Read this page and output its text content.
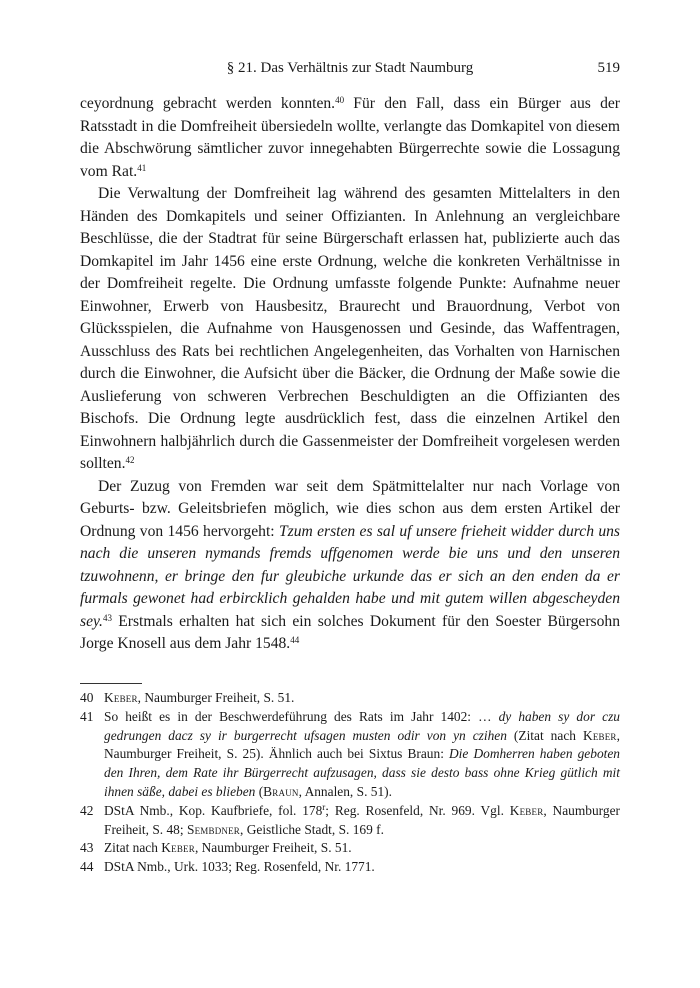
§ 21. Das Verhältnis zur Stadt Naumburg	519

ceyordnung gebracht werden konnten.$^{40}$ Für den Fall, dass ein Bürger aus der Ratsstadt in die Domfreiheit übersiedeln wollte, verlangte das Domkapitel von diesem die Abschwörung sämtlicher zuvor innegehabten Bürgerrechte sowie die Lossagung vom Rat.$^{41}$

Die Verwaltung der Domfreiheit lag während des gesamten Mittelalters in den Händen des Domkapitels und seiner Offizianten. In Anlehnung an vergleichbare Beschlüsse, die der Stadtrat für seine Bürgerschaft erlassen hat, publizierte auch das Domkapitel im Jahr 1456 eine erste Ordnung, welche die konkreten Verhältnisse in der Domfreiheit regelte. Die Ordnung umfasste folgende Punkte: Aufnahme neuer Einwohner, Erwerb von Hausbesitz, Braurecht und Brauordnung, Verbot von Glücksspielen, die Aufnahme von Hausgenossen und Gesinde, das Waffentragen, Ausschluss des Rats bei rechtlichen Angelegenheiten, das Vorhalten von Harnischen durch die Einwohner, die Aufsicht über die Bäcker, die Ordnung der Maße sowie die Auslieferung von schweren Verbrechen Beschuldigten an die Offizianten des Bischofs. Die Ordnung legte ausdrücklich fest, dass die einzelnen Artikel den Einwohnern halbjährlich durch die Gassenmeister der Domfreiheit vorgelesen werden sollten.$^{42}$

Der Zuzug von Fremden war seit dem Spätmittelalter nur nach Vorlage von Geburts- bzw. Geleitsbriefen möglich, wie dies schon aus dem ersten Artikel der Ordnung von 1456 hervorgeht: Tzum ersten es sal uf unsere frieheit widder durch uns nach die unseren nymands fremds uffgenomen werde bie uns und den unseren tzuwohnenn, er bringe den fur gleubiche urkunde das er sich an den enden da er furmals gewonet had erbircklich gehalden habe und mit gutem willen abgescheyden sey.$^{43}$ Erstmals erhalten hat sich ein solches Dokument für den Soester Bürgersohn Jorge Knosell aus dem Jahr 1548.44

40 Keber, Naumburger Freiheit, S. 51.
41 So heißt es in der Beschwerdeführung des Rats im Jahr 1402: … dy haben sy dor czu gedrungen dacz sy ir burgerrecht ufsagen musten odir von yn czihen (Zitat nach Keber, Naumburger Freiheit, S. 25). Ähnlich auch bei Sixtus Braun: Die Domherren haben geboten den Ihren, dem Rate ihr Bürgerrecht aufzusagen, dass sie desto bass ohne Krieg gütlich mit ihnen säße, dabei es blieben (Braun, Annalen, S. 51).
42 DStA Nmb., Kop. Kaufbriefe, fol. 178$^r$; Reg. Rosenfeld, Nr. 969. Vgl. Keber, Naumburger Freiheit, S. 48; Sembdner, Geistliche Stadt, S. 169 f.
43 Zitat nach Keber, Naumburger Freiheit, S. 51.
44 DStA Nmb., Urk. 1033; Reg. Rosenfeld, Nr. 1771.
